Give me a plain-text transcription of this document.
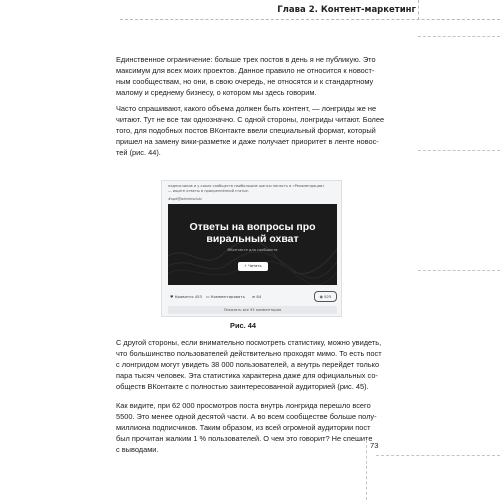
Глава 2. Контент-маркетинг
Единственное ограничение: больше трех постов в день я не публикую. Это
максимум для всех моих проектов. Данное правило не относится к новост-
ным сообществам, но они, в свою очередь, не относятся и к стандартному
малому и среднему бизнесу, о котором мы здесь говорим.
Часто спрашивают, какого объема должен быть контент, — лонгриды же не
читают. Тут не все так однозначно. С одной стороны, лонгриды читают. Более
того, для подобных постов ВКонтакте ввели специальный формат, который
пришел на замену вики-разметке и даже получает приоритет в ленте новос-
тей (рис. 44).
подписчиков и у каких сообществ наибольшие шансы попасть в «Рекомендации»
— ищите ответы в прикреплённой статье.
#spd@adminsclub
Ответы на вопросы про
виральный охват
ВКонтакте для сообществ
⚡ Читать
♥ Нравится 453 ▭ Комментировать ➦ 84	◉ 925
Показать все 93 комментария
Рис. 44
С другой стороны, если внимательно посмотреть статистику, можно увидеть,
что большинство пользователей действительно проходят мимо. То есть пост
с лонгридом могут увидеть 38 000 пользователей, а внутрь перейдет только
пара тысяч человек. Эта статистика характерна даже для официальных со-
обществ ВКонтакте с полностью заинтересованной аудиторией (рис. 45).
Как видите, при 62 000 просмотров поста внутрь лонгрида перешло всего
5500. Это менее одной десятой части. А во всем сообществе больше полу-
миллиона подписчиков. Таким образом, из всей огромной аудитории пост
был прочитан жалким 1 % пользователей. О чем это говорит? Не спешите
с выводами.	73
